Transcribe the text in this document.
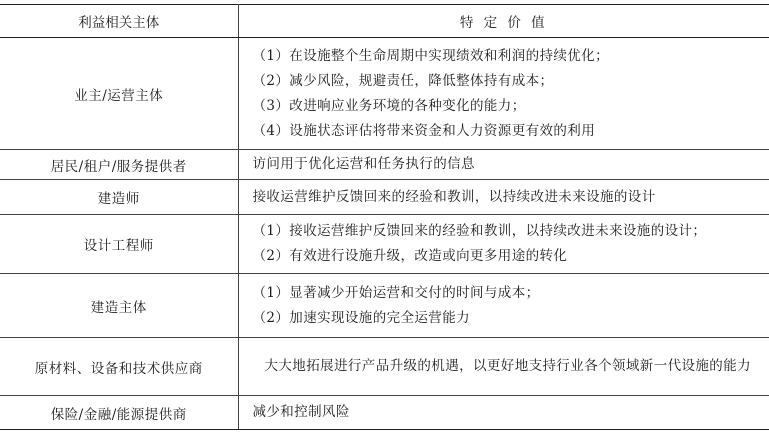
利益相关主体	特 定 价 值
业主/运营主体	（1）在设施整个生命周期中实现绩效和利润的持续优化；
（2）减少风险，规避责任，降低整体持有成本；
（3）改进响应业务环境的各种变化的能力；
（4）设施状态评估将带来资金和人力资源更有效的利用

居民/租户/服务提供者	访问用于优化运营和任务执行的信息

建造师	接收运营维护反馈回来的经验和教训，以持续改进未来设施的设计

设计工程师	（1）接收运营维护反馈回来的经验和教训，以持续改进未来设施的设计；
（2）有效进行设施升级，改造或向更多用途的转化

建造主体	（1）显著减少开始运营和交付的时间与成本；
（2）加速实现设施的完全运营能力

原材料、设备和技术供应商	大大地拓展进行产品升级的机遇，以更好地支持行业各个领域新一代设施的能力

保险/金融/能源提供商	减少和控制风险
